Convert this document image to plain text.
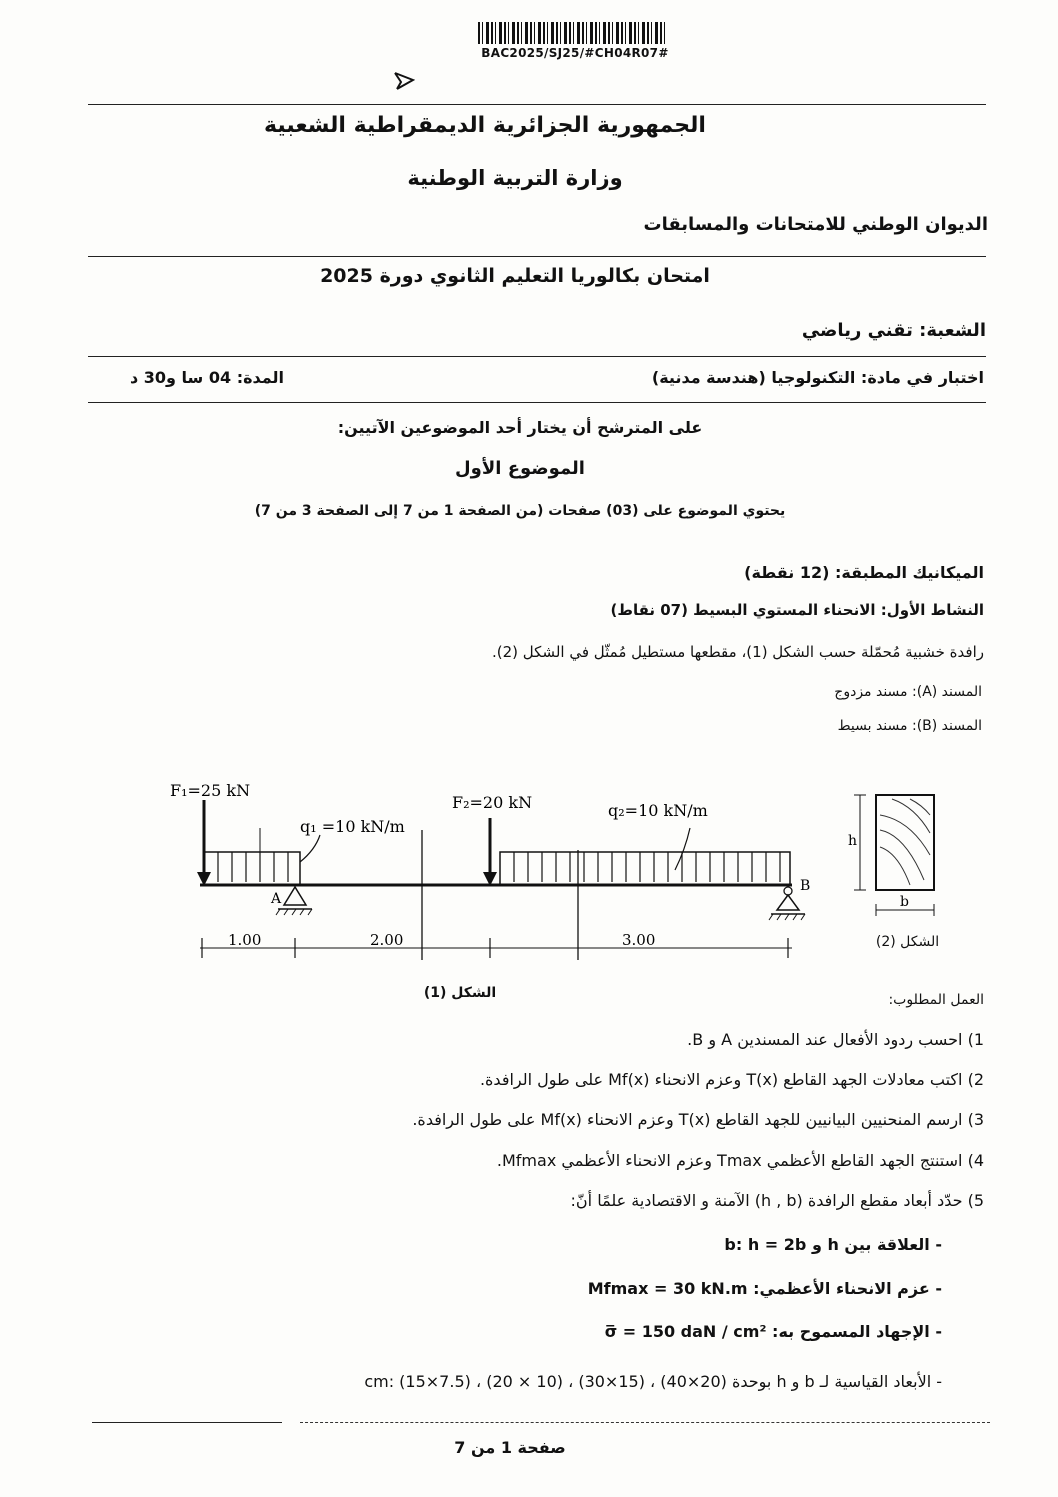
BAC2025/SJ25/#CH04R07#
الجمهورية الجزائرية الديمقراطية الشعبية
وزارة التربية الوطنية
الديوان الوطني للامتحانات والمسابقات
امتحان بكالوريا التعليم الثانوي دورة 2025
الشعبة: تقني رياضي
اختبار في مادة: التكنولوجيا (هندسة مدنية)
المدة: 04 سا و30 د
على المترشح أن يختار أحد الموضوعين الآتيين:
الموضوع الأول
يحتوي الموضوع على (03) صفحات (من الصفحة 1 من 7 إلى الصفحة 3 من 7)
الميكانيك المطبقة: (12 نقطة)
النشاط الأول: الانحناء المستوي البسيط (07 نقاط)
رافدة خشبية مُحمّلة حسب الشكل (1)، مقطعها مستطيل مُمثّل في الشكل (2).
المسند (A): مسند مزدوج
المسند (B): مسند بسيط
F₁=25 kN
F₂=20 kN
q₁ =10 kN/m
q₂=10 kN/m
A
B
1.00	2.00	3.00
h
b
الشكل (2)
الشكل (1)	العمل المطلوب:
1) احسب ردود الأفعال عند المسندين A و B.
2) اكتب معادلات الجهد القاطع T(x) وعزم الانحناء Mf(x) على طول الرافدة.
3) ارسم المنحنيين البيانيين للجهد القاطع T(x) وعزم الانحناء Mf(x) على طول الرافدة.
4) استنتج الجهد القاطع الأعظمي Tmax وعزم الانحناء الأعظمي Mfmax.
5) حدّد أبعاد مقطع الرافدة (h , b) الآمنة و الاقتصادية علمًا أنّ:
- العلاقة بين h و b: h = 2b
- عزم الانحناء الأعظمي: Mfmax = 30 kN.m
- الإجهاد المسموح به: σ̅ = 150 daN / cm²
- الأبعاد القياسية لـ b و h بوحدة cm: (15×7.5) ، (20 × 10) ، (30×15) ، (40×20)
صفحة 1 من 7
